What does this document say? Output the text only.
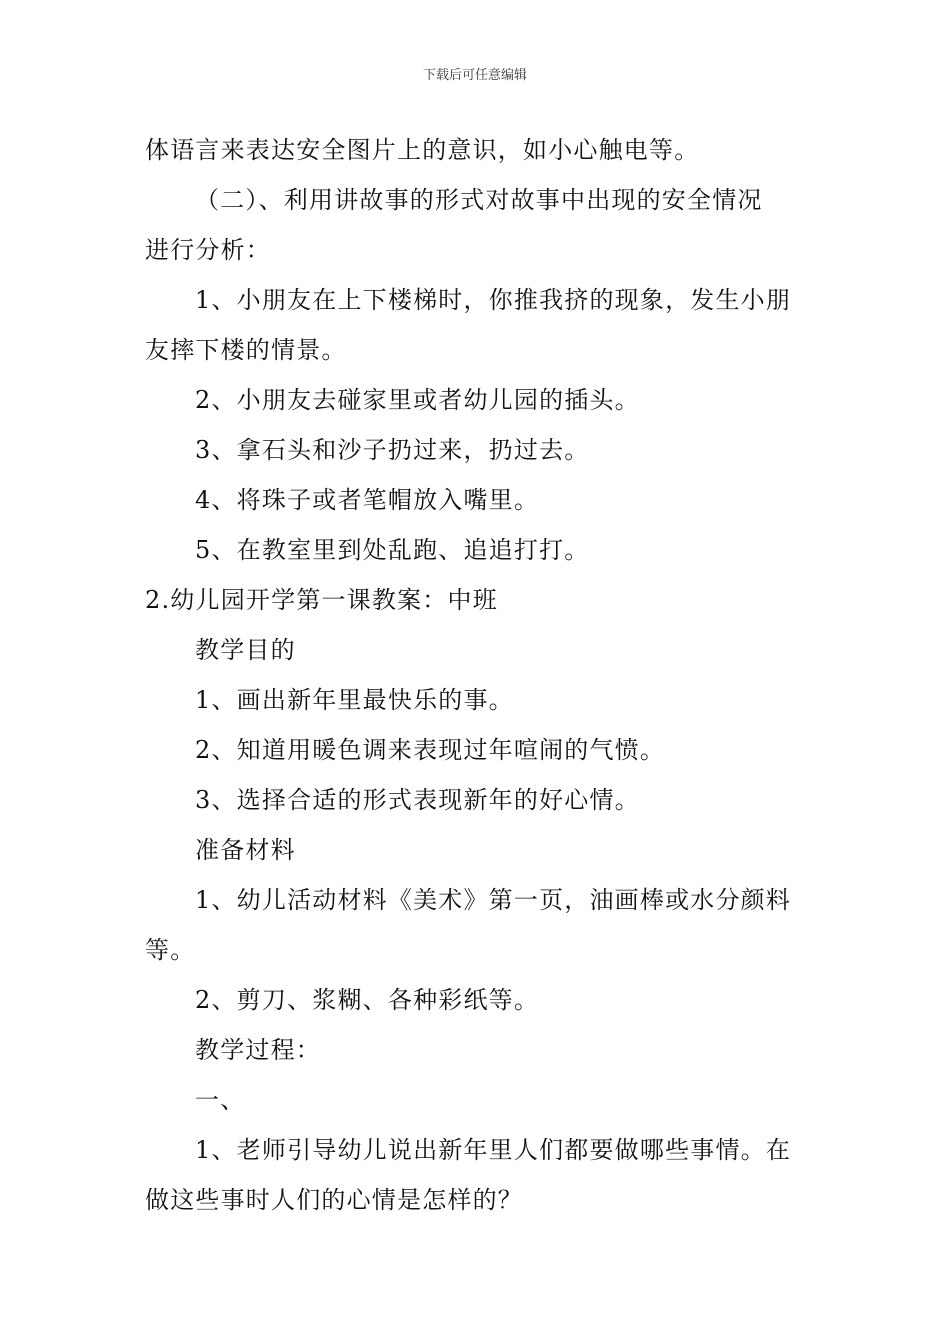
下载后可任意编辑
体语言来表达安全图片上的意识，如小心触电等。
（二）、利用讲故事的形式对故事中出现的安全情况
进行分析：
1、小朋友在上下楼梯时，你推我挤的现象，发生小朋
友摔下楼的情景。
2、小朋友去碰家里或者幼儿园的插头。
3、拿石头和沙子扔过来，扔过去。
4、将珠子或者笔帽放入嘴里。
5、在教室里到处乱跑、追追打打。
2.幼儿园开学第一课教案：中班
教学目的
1、画出新年里最快乐的事。
2、知道用暖色调来表现过年喧闹的气愤。
3、选择合适的形式表现新年的好心情。
准备材料
1、幼儿活动材料《美术》第一页，油画棒或水分颜料
等。
2、剪刀、浆糊、各种彩纸等。
教学过程：
一、
1、老师引导幼儿说出新年里人们都要做哪些事情。在
做这些事时人们的心情是怎样的？
